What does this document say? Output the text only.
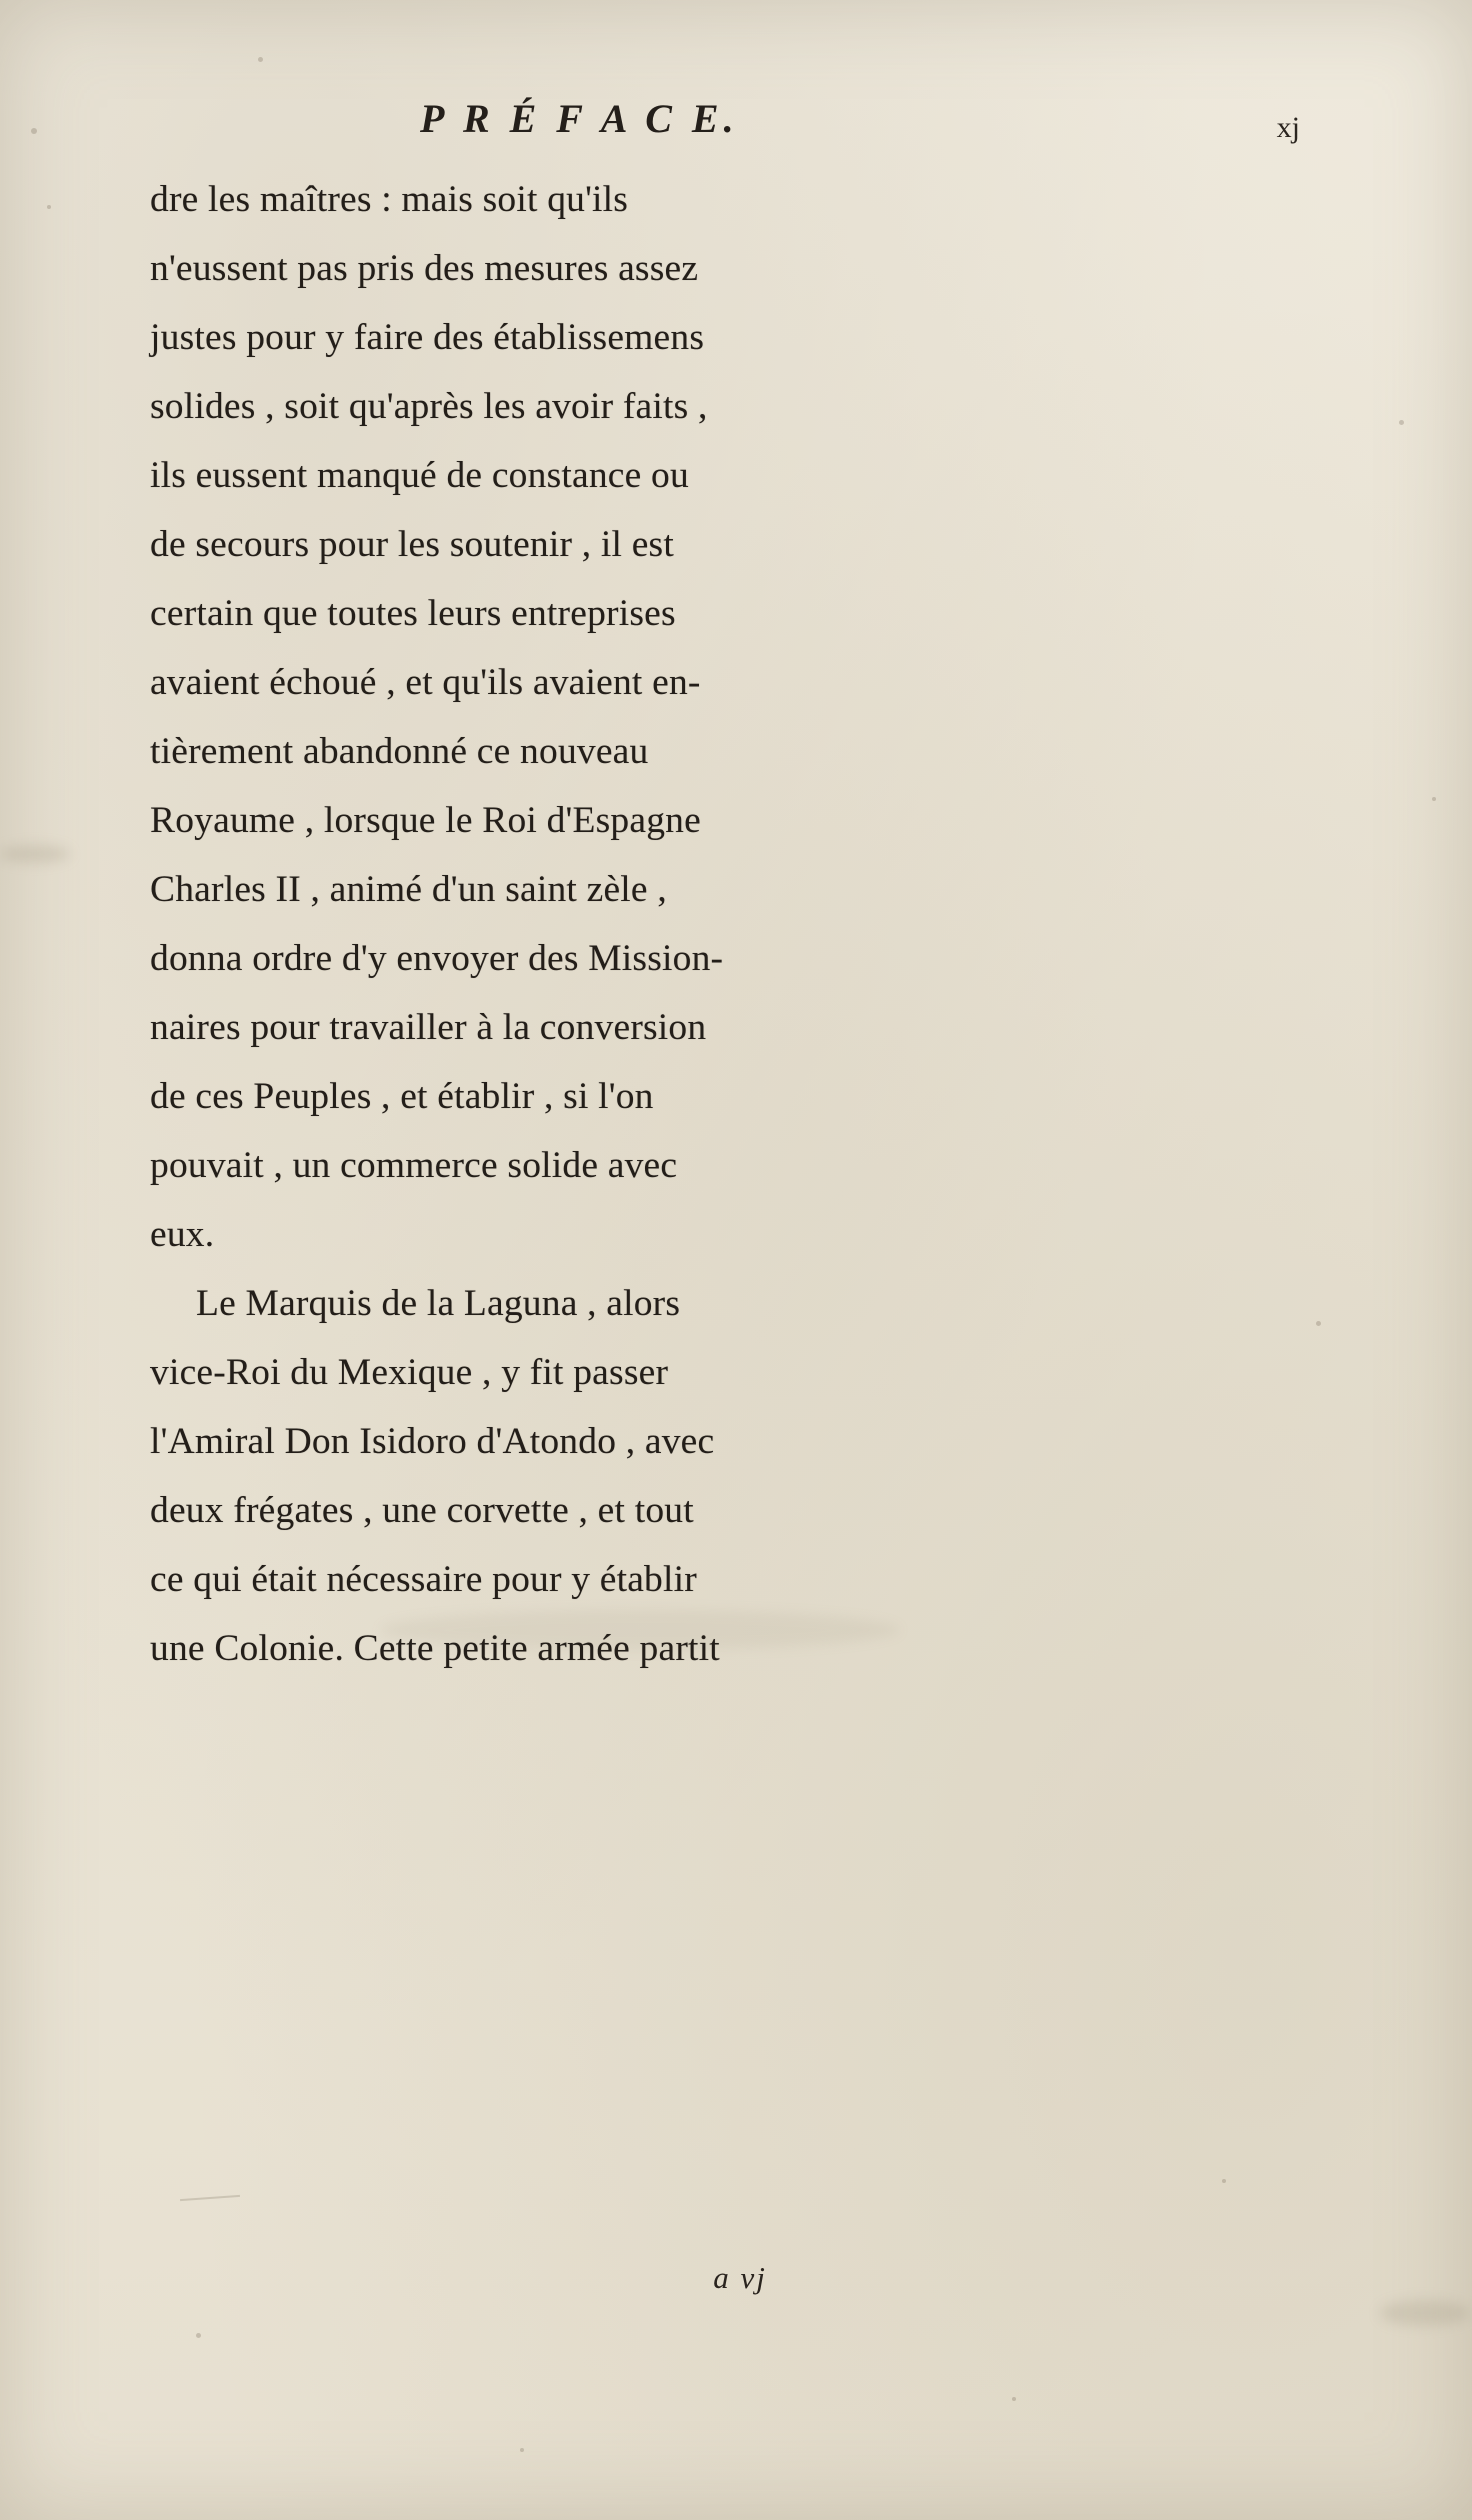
P R É F A C E.	xj
dre les maîtres : mais soit qu'ils
n'eussent pas pris des mesures assez
justes pour y faire des établissemens
solides , soit qu'après les avoir faits ,
ils eussent manqué de constance ou
de secours pour les soutenir , il est
certain que toutes leurs entreprises
avaient échoué , et qu'ils avaient en-
tièrement abandonné ce nouveau
Royaume , lorsque le Roi d'Espagne
Charles II , animé d'un saint zèle ,
donna ordre d'y envoyer des Mission-
naires pour travailler à la conversion
de ces Peuples , et établir , si l'on
pouvait , un commerce solide avec
eux.
Le Marquis de la Laguna , alors
vice-Roi du Mexique , y fit passer
l'Amiral Don Isidoro d'Atondo , avec
deux frégates , une corvette , et tout
ce qui était nécessaire pour y établir
une Colonie. Cette petite armée partit
a vj
